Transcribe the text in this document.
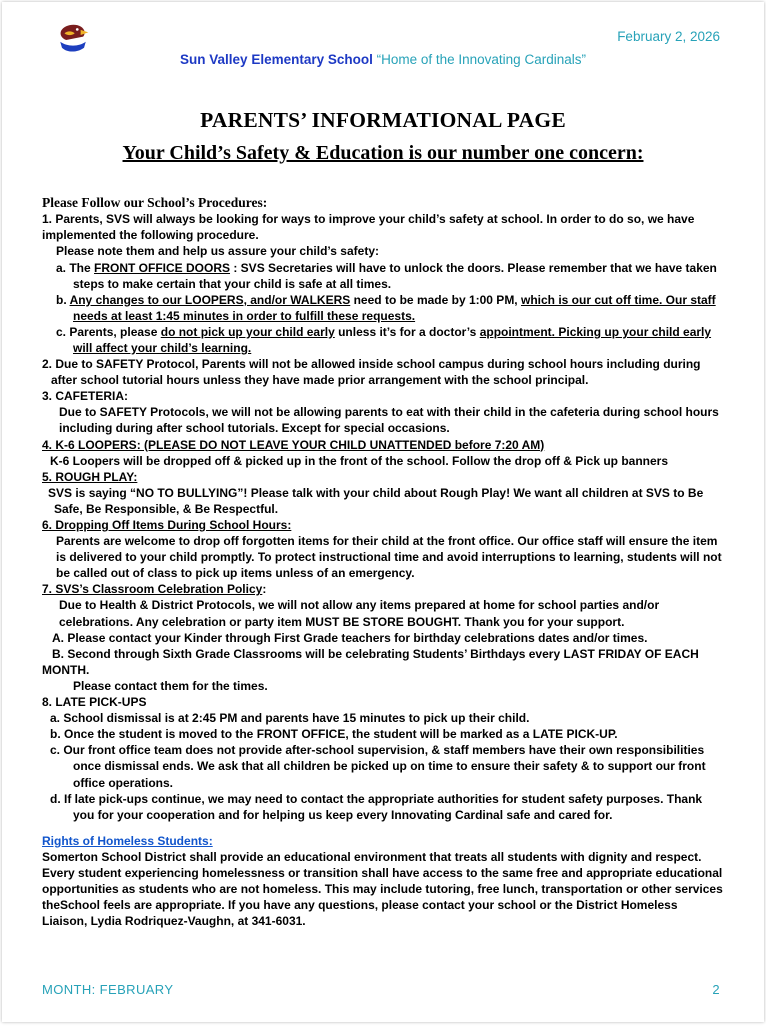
February 2, 2026
Sun Valley Elementary School “Home of the Innovating Cardinals”
PARENTS’ INFORMATIONAL PAGE
Your Child’s Safety & Education is our number one concern:
Please Follow our School’s Procedures:
1. Parents, SVS will always be looking for ways to improve your child’s safety at school. In order to do so, we have implemented the following procedure.
Please note them and help us assure your child’s safety:
a. The FRONT OFFICE DOORS : SVS Secretaries will have to unlock the doors. Please remember that we have taken steps to make certain that your child is safe at all times.
b. Any changes to our LOOPERS, and/or WALKERS need to be made by 1:00 PM, which is our cut off time. Our staff needs at least 1:45 minutes in order to fulfill these requests.
c. Parents, please do not pick up your child early unless it’s for a doctor’s appointment. Picking up your child early will affect your child’s learning.
2. Due to SAFETY Protocol, Parents will not be allowed inside school campus during school hours including during after school tutorial hours unless they have made prior arrangement with the school principal.
3. CAFETERIA:
Due to SAFETY Protocols, we will not be allowing parents to eat with their child in the cafeteria during school hours including during after school tutorials. Except for special occasions.
4. K-6 LOOPERS: (PLEASE DO NOT LEAVE YOUR CHILD UNATTENDED before 7:20 AM)
K-6 Loopers will be dropped off & picked up in the front of the school. Follow the drop off & Pick up banners
5. ROUGH PLAY:
SVS is saying “NO TO BULLYING”! Please talk with your child about Rough Play! We want all children at SVS to Be Safe, Be Responsible, & Be Respectful.
6. Dropping Off Items During School Hours:
Parents are welcome to drop off forgotten items for their child at the front office. Our office staff will ensure the item is delivered to your child promptly. To protect instructional time and avoid interruptions to learning, students will not be called out of class to pick up items unless of an emergency.
7. SVS’s Classroom Celebration Policy:
Due to Health & District Protocols, we will not allow any items prepared at home for school parties and/or celebrations. Any celebration or party item MUST BE STORE BOUGHT. Thank you for your support.
A. Please contact your Kinder through First Grade teachers for birthday celebrations dates and/or times.
B. Second through Sixth Grade Classrooms will be celebrating Students’ Birthdays every LAST FRIDAY OF EACH MONTH.
Please contact them for the times.
8. LATE PICK-UPS
a. School dismissal is at 2:45 PM and parents have 15 minutes to pick up their child.
b. Once the student is moved to the FRONT OFFICE, the student will be marked as a LATE PICK-UP.
c. Our front office team does not provide after-school supervision, & staff members have their own responsibilities once dismissal ends. We ask that all children be picked up on time to ensure their safety & to support our front office operations.
d. If late pick-ups continue, we may need to contact the appropriate authorities for student safety purposes. Thank you for your cooperation and for helping us keep every Innovating Cardinal safe and cared for.
Rights of Homeless Students:
Somerton School District shall provide an educational environment that treats all students with dignity and respect. Every student experiencing homelessness or transition shall have access to the same free and appropriate educational opportunities as students who are not homeless. This may include tutoring, free lunch, transportation or other services theSchool feels are appropriate. If you have any questions, please contact your school or the District Homeless Liaison, Lydia Rodriquez-Vaughn, at 341-6031.
MONTH: FEBRUARY	2
